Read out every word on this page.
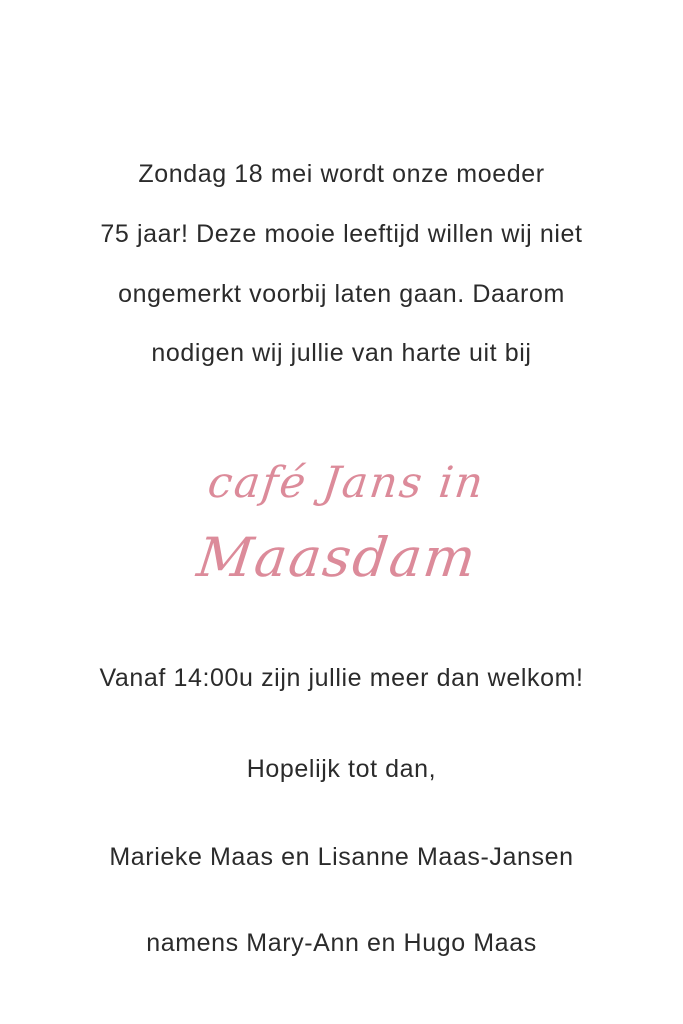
Zondag 18 mei wordt onze moeder
75 jaar! Deze mooie leeftijd willen wij niet
ongemerkt voorbij laten gaan. Daarom
nodigen wij jullie van harte uit bij
café Jans in
Maasdam
Vanaf 14:00u zijn jullie meer dan welkom!
Hopelijk tot dan,
Marieke Maas en Lisanne Maas-Jansen
namens Mary-Ann en Hugo Maas
